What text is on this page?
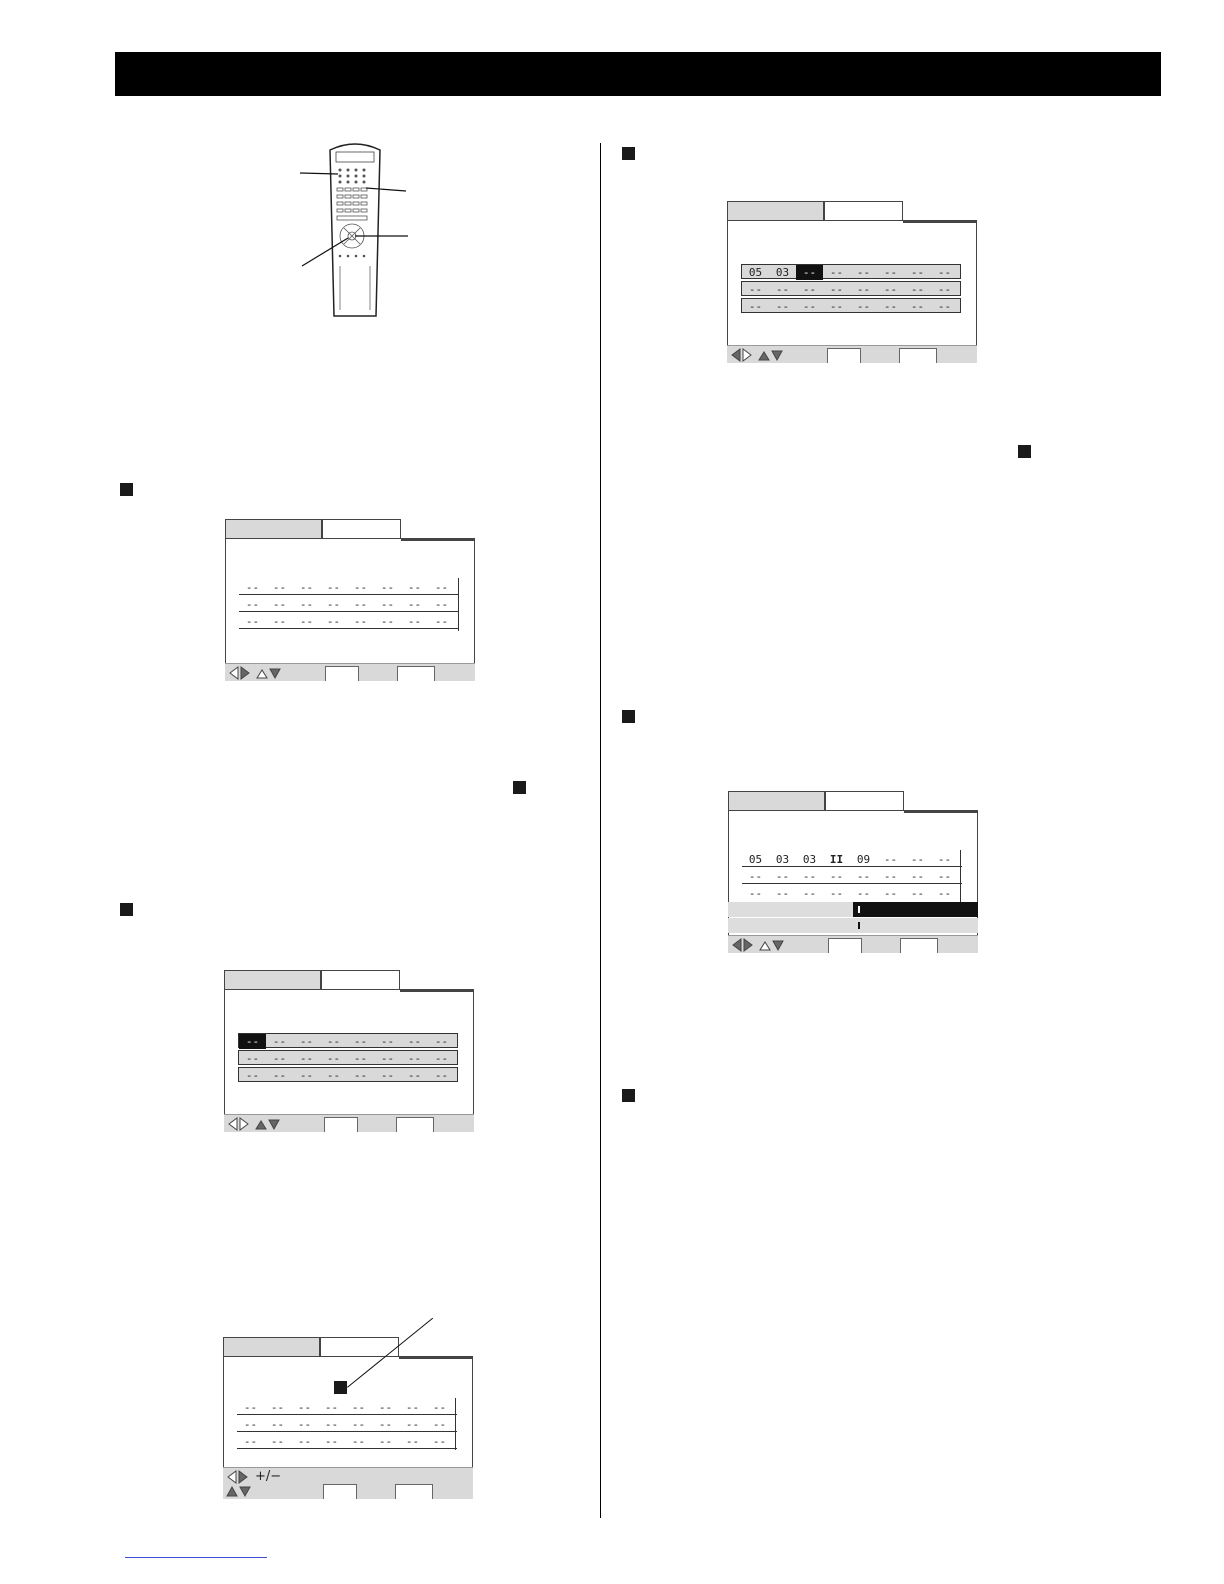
--	--	--	--	--	--	--	--
--	--	--	--	--	--	--	--
--	--	--	--	--	--	--	--
--	--	--	--	--	--	--	--
--	--	--	--	--	--	--	--
--	--	--	--	--	--	--	--
--	--	--	--	--	--	--	--
--	--	--	--	--	--	--	--
--	--	--	--	--	--	--	--
+/−
05	03	--	--	--	--	--	--
--	--	--	--	--	--	--	--
--	--	--	--	--	--	--	--
05	03	03	II	09	--	--	--
--	--	--	--	--	--	--	--
--	--	--	--	--	--	--	--
